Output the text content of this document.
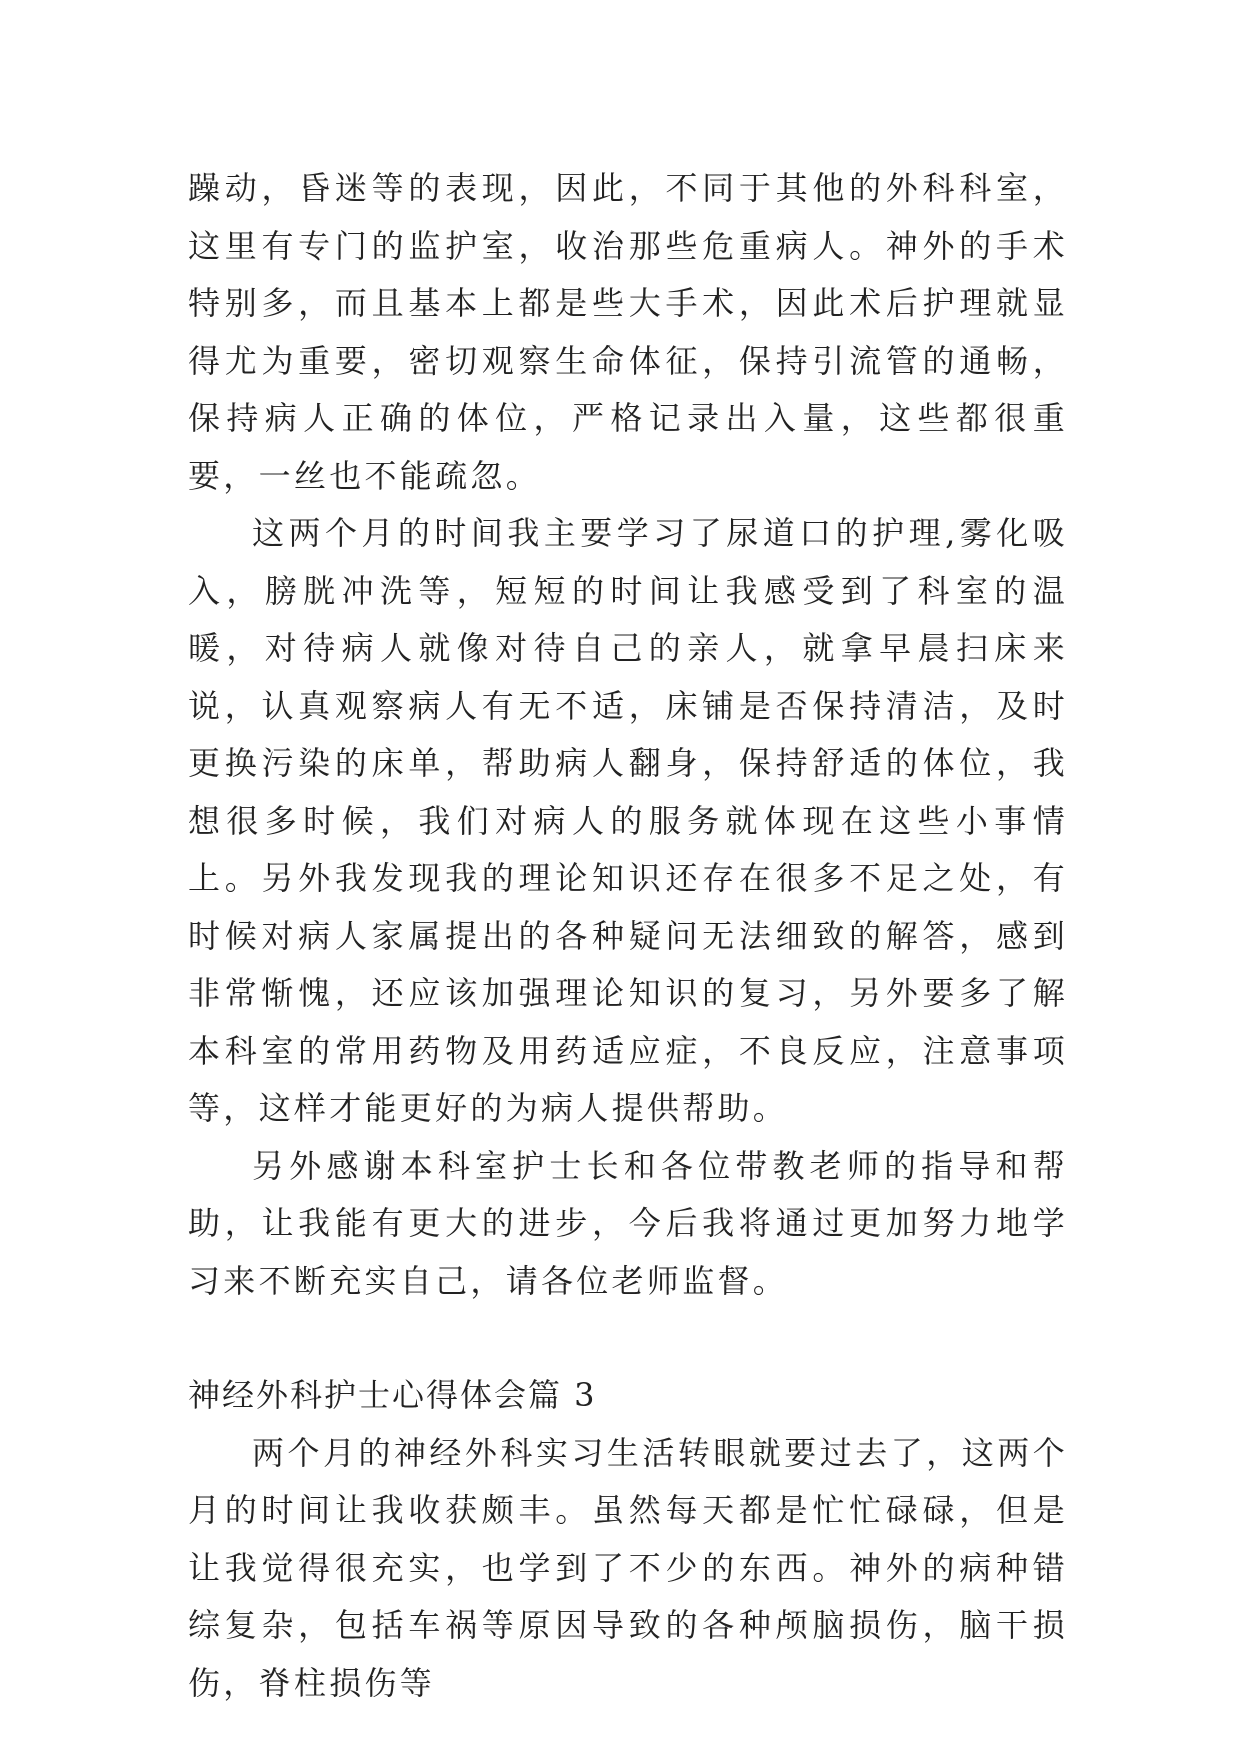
躁动，昏迷等的表现，因此，不同于其他的外科科室，这里有专门的监护室，收治那些危重病人。神外的手术特别多，而且基本上都是些大手术，因此术后护理就显得尤为重要，密切观察生命体征，保持引流管的通畅，保持病人正确的体位，严格记录出入量，这些都很重要，一丝也不能疏忽。

这两个月的时间我主要学习了尿道口的护理,雾化吸入，膀胱冲洗等，短短的时间让我感受到了科室的温暖，对待病人就像对待自己的亲人，就拿早晨扫床来说，认真观察病人有无不适，床铺是否保持清洁，及时更换污染的床单，帮助病人翻身，保持舒适的体位，我想很多时候，我们对病人的服务就体现在这些小事情上。另外我发现我的理论知识还存在很多不足之处，有时候对病人家属提出的各种疑问无法细致的解答，感到非常惭愧，还应该加强理论知识的复习，另外要多了解本科室的常用药物及用药适应症，不良反应，注意事项等，这样才能更好的为病人提供帮助。

另外感谢本科室护士长和各位带教老师的指导和帮助，让我能有更大的进步，今后我将通过更加努力地学习来不断充实自己，请各位老师监督。

神经外科护士心得体会篇 3

两个月的神经外科实习生活转眼就要过去了，这两个月的时间让我收获颇丰。虽然每天都是忙忙碌碌，但是让我觉得很充实，也学到了不少的东西。神外的病种错综复杂，包括车祸等原因导致的各种颅脑损伤，脑干损伤，脊柱损伤等
